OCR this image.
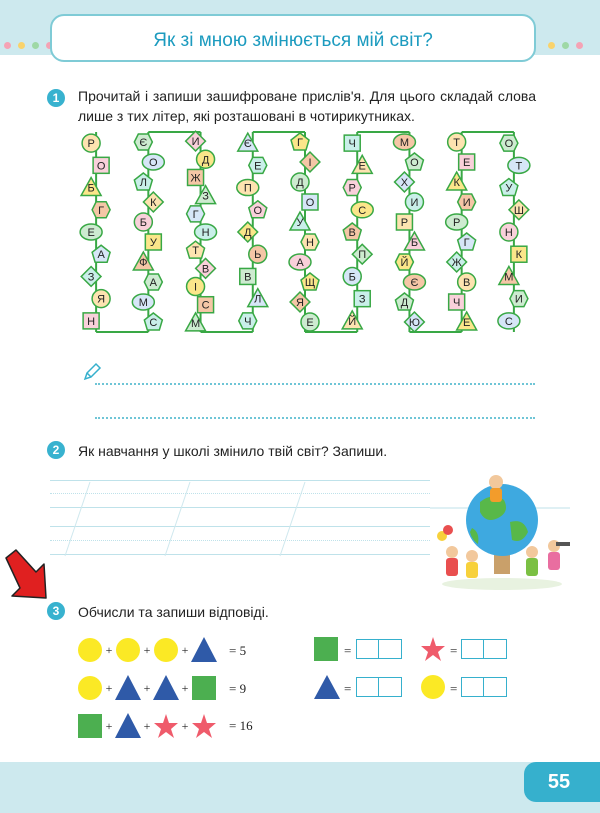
Як зі мною змінюється мій світ?
1	Прочитай і запиши зашифроване прислів'я. Для цього складай слова лише з тих літер, які розташовані в чотирикутниках.
Р
О
Б
Г
Е
А
З
Я
Н
Є
О
Л
К
Б
У
Ф
А
М
С
И
Д
Ж
З
Г
Н
Т
В
І
С
М
Є
Е
П
О
Д
Ь
В
Л
Ч
Г
І
Д
О
У
Н
А
Щ
Я
Е
Ч
Е
Р
С
В
П
Б
З
Й
М
О
Х
И
Р
Б
Й
Є
Д
Ю
Т
Е
К
И
Р
Г
Ж
В
Ч
Е
О
Т
У
Ш
Н
К
М
И
С
2	Як навчання у школі змінило твій світ? Запиши.
3	Обчисли та запиши відповіді.
+	+	+
+	+	+
+	+	+
= 5
= 9
= 16
=	=
=	=
55
